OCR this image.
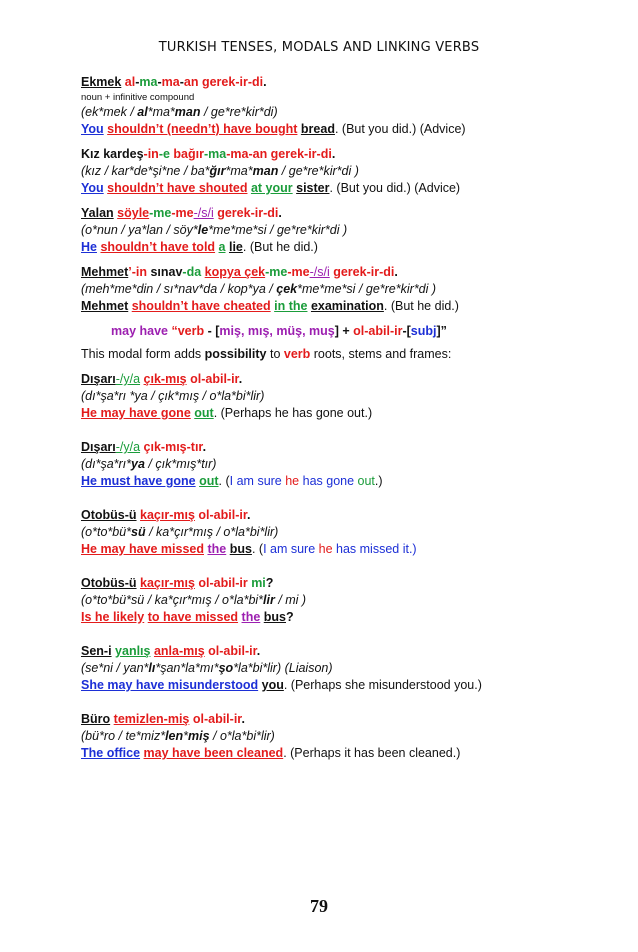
TURKISH TENSES, MODALS AND LINKING VERBS
Ekmek al-ma-ma-an gerek-ir-di.
noun + infinitive compound
(ek*mek / al*ma*man / ge*re*kir*di)
You shouldn’t (needn’t) have bought bread. (But you did.) (Advice)
Kız kardeş-in-e bağır-ma-ma-an gerek-ir-di.
(kız / kar*de*şi*ne / ba*ğır*ma*man / ge*re*kir*di )
You shouldn’t have shouted at your sister. (But you did.) (Advice)
Yalan söyle-me-me-/s/i gerek-ir-di.
(o*nun / ya*lan / söy*le*me*me*si / ge*re*kir*di )
He shouldn’t have told a lie. (But he did.)
Mehmet’-in sınav-da kopya çek-me-me-/s/i gerek-ir-di.
(meh*me*din / sı*nav*da / kop*ya / çek*me*me*si / ge*re*kir*di )
Mehmet shouldn’t have cheated in the examination. (But he did.)
may have “verb - [miş, mış, müş, muş] + ol-abil-ir-[subj]”
This modal form adds possibility to verb roots, stems and frames:
Dışarı-/y/a çık-mış ol-abil-ir.
(dı*şa*rı *ya / çık*mış / o*la*bi*lir)
He may have gone out. (Perhaps he has gone out.)
Dışarı-/y/a çık-mış-tır.
(dı*şa*rı*ya / çık*mış*tır)
He must have gone out. (I am sure he has gone out.)
Otobüs-ü kaçır-mış ol-abil-ir.
(o*to*bü*sü / ka*çır*mış / o*la*bi*lir)
He may have missed the bus. (I am sure he has missed it.)
Otobüs-ü kaçır-mış ol-abil-ir mi?
(o*to*bü*sü / ka*çır*mış / o*la*bi*lir / mi )
Is he likely to have missed the bus?
Sen-i yanlış anla-mış ol-abil-ir.
(se*ni / yan*lı*şan*la*mı*şo*la*bi*lir) (Liaison)
She may have misunderstood you. (Perhaps she misunderstood you.)
Büro temizlen-miş ol-abil-ir.
(bü*ro / te*miz*len*miş / o*la*bi*lir)
The office may have been cleaned. (Perhaps it has been cleaned.)
79
